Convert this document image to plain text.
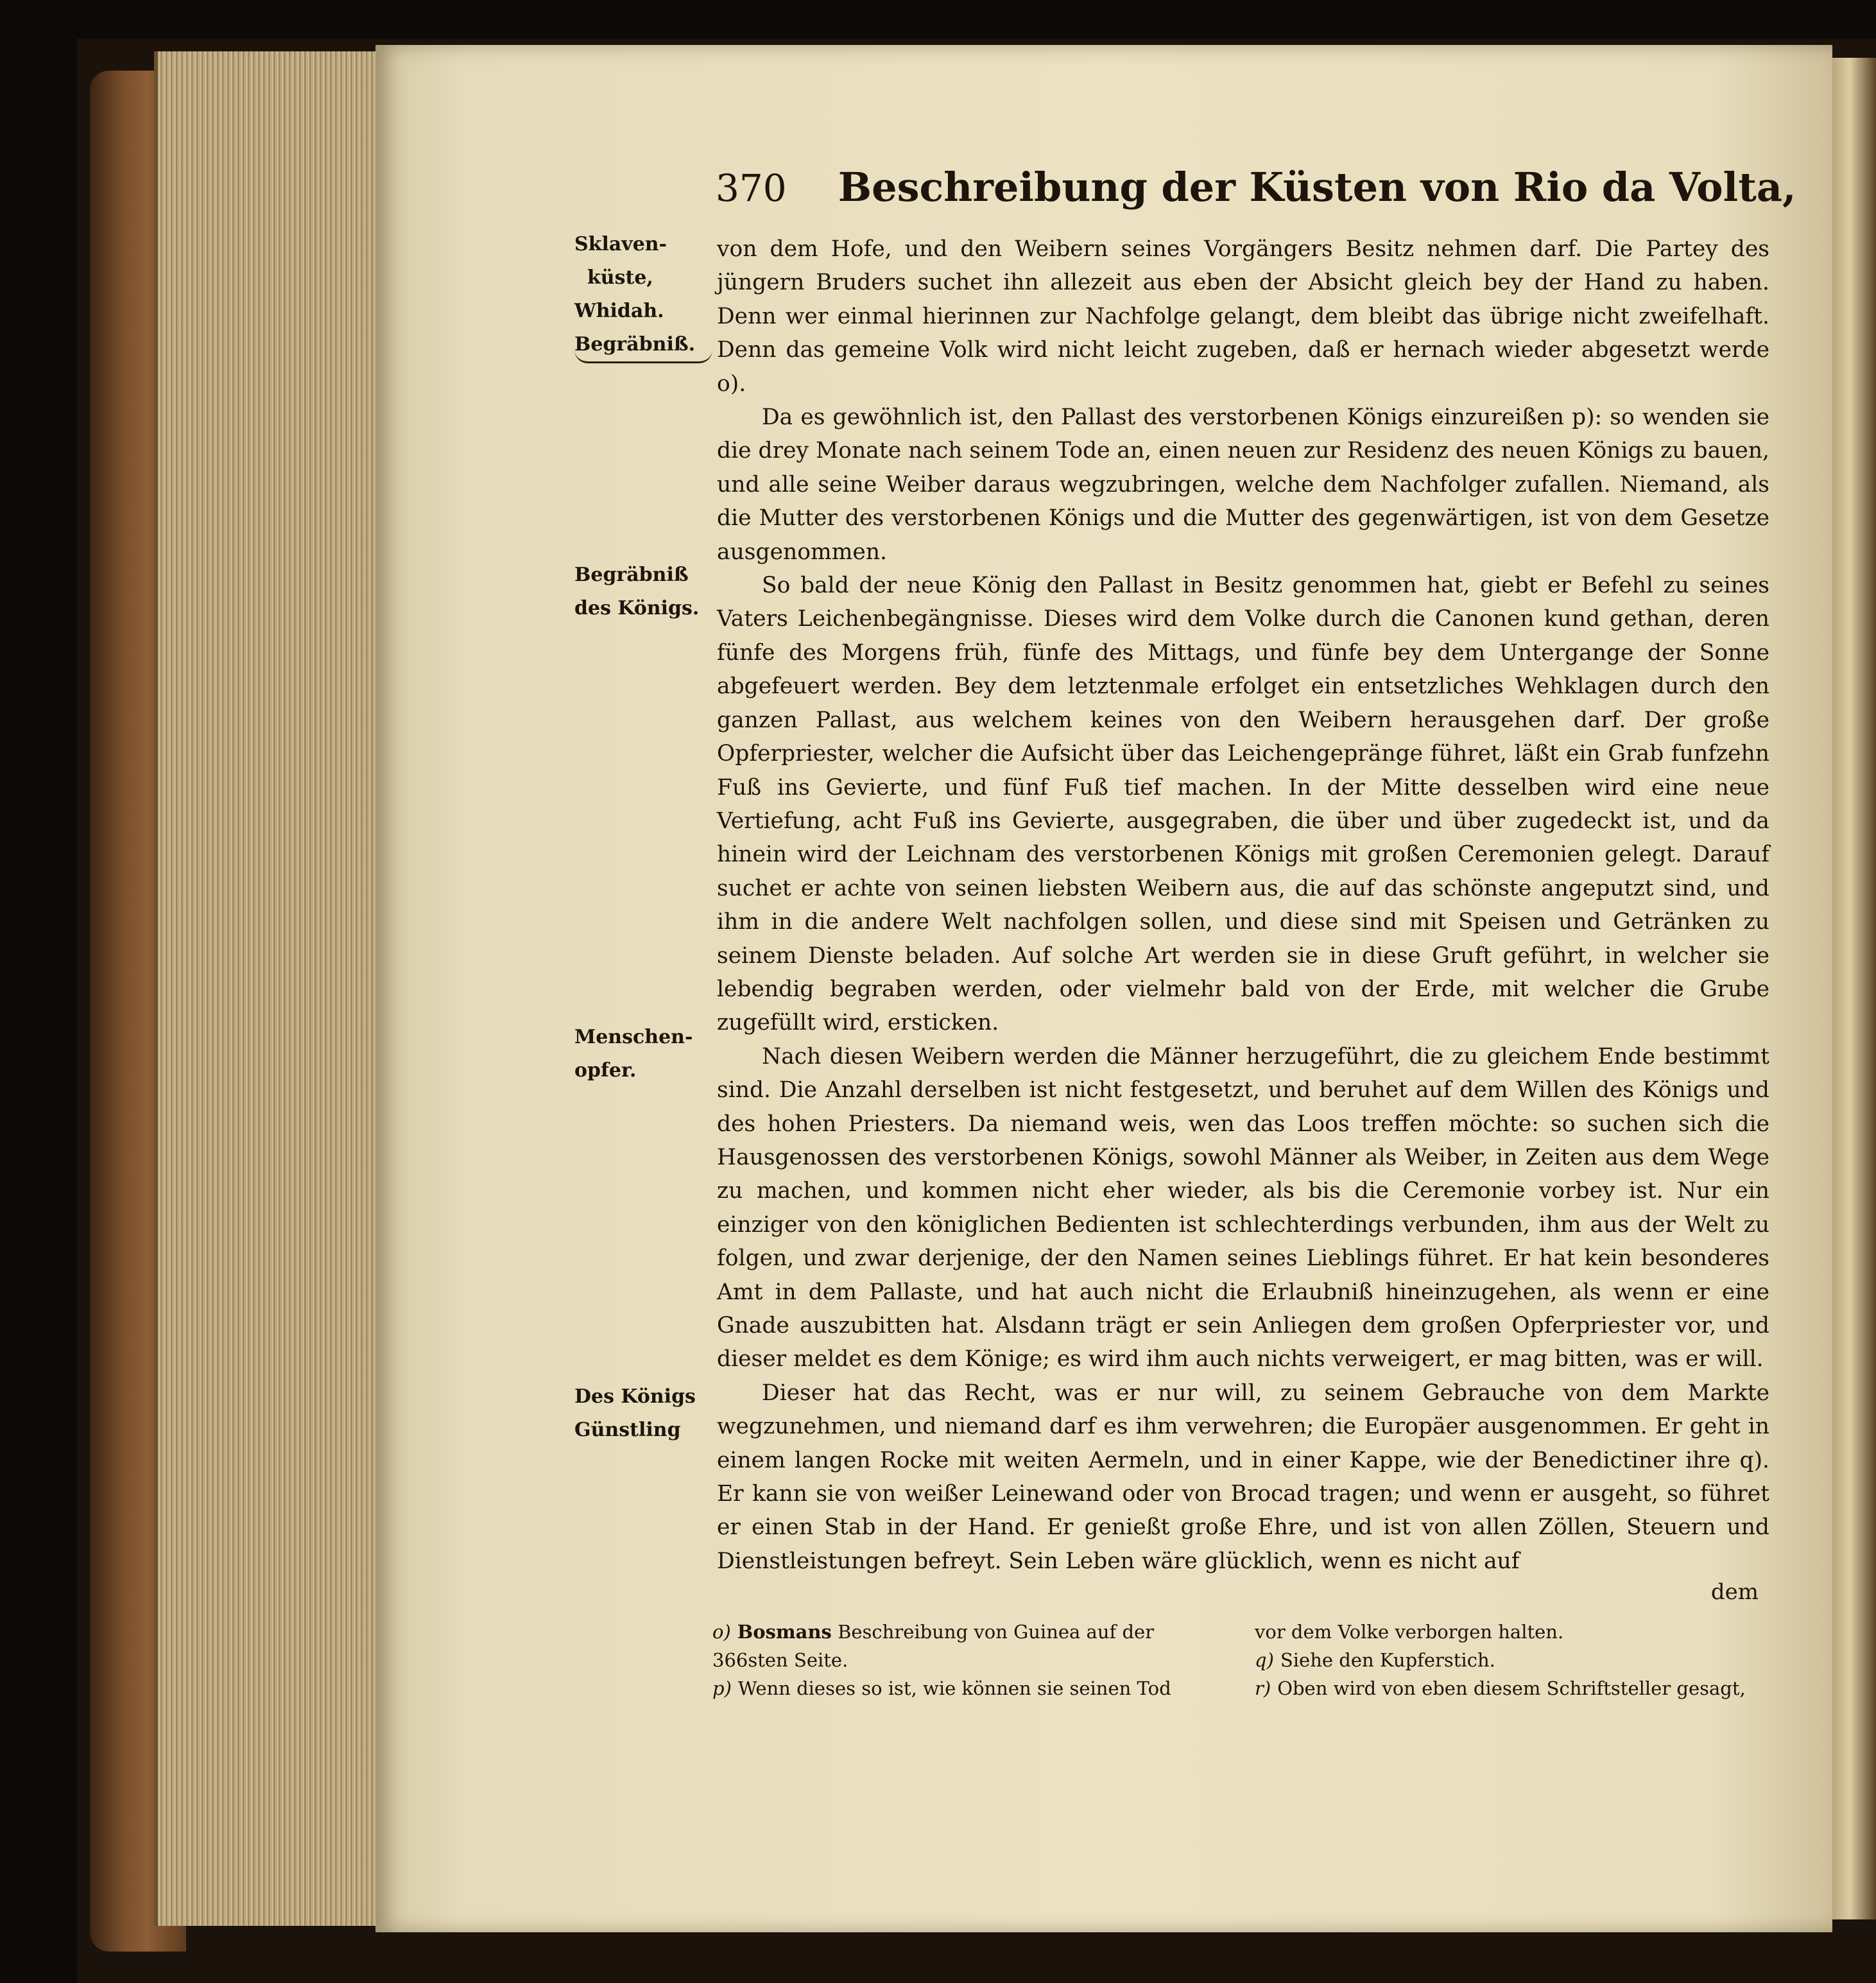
370 Beschreibung der Küsten von Rio da Volta,
Sklaven-
küste,
Whidah.
Begräbniß.
Begräbniß
des Königs.
Menschen-
opfer.
Des Königs
Günstling

von dem Hofe, und den Weibern seines Vorgängers Besitz nehmen darf. Die Partey des jüngern Bruders suchet ihn allezeit aus eben der Absicht gleich bey der Hand zu haben. Denn wer einmal hierinnen zur Nachfolge gelangt, dem bleibt das übrige nicht zweifelhaft. Denn das gemeine Volk wird nicht leicht zugeben, daß er hernach wieder abgesetzt werde o).

Da es gewöhnlich ist, den Pallast des verstorbenen Königs einzureißen p): so wenden sie die drey Monate nach seinem Tode an, einen neuen zur Residenz des neuen Königs zu bauen, und alle seine Weiber daraus wegzubringen, welche dem Nachfolger zufallen. Niemand, als die Mutter des verstorbenen Königs und die Mutter des gegenwärtigen, ist von dem Gesetze ausgenommen.

So bald der neue König den Pallast in Besitz genommen hat, giebt er Befehl zu seines Vaters Leichenbegängnisse. Dieses wird dem Volke durch die Canonen kund gethan, deren fünfe des Morgens früh, fünfe des Mittags, und fünfe bey dem Untergange der Sonne abgefeuert werden. Bey dem letztenmale erfolget ein entsetzliches Wehklagen durch den ganzen Pallast, aus welchem keines von den Weibern herausgehen darf. Der große Opferpriester, welcher die Aufsicht über das Leichengepränge führet, läßt ein Grab funfzehn Fuß ins Gevierte, und fünf Fuß tief machen. In der Mitte desselben wird eine neue Vertiefung, acht Fuß ins Gevierte, ausgegraben, die über und über zugedeckt ist, und da hinein wird der Leichnam des verstorbenen Königs mit großen Ceremonien gelegt. Darauf suchet er achte von seinen liebsten Weibern aus, die auf das schönste angeputzt sind, und ihm in die andere Welt nachfolgen sollen, und diese sind mit Speisen und Getränken zu seinem Dienste beladen. Auf solche Art werden sie in diese Gruft geführt, in welcher sie lebendig begraben werden, oder vielmehr bald von der Erde, mit welcher die Grube zugefüllt wird, ersticken.

Nach diesen Weibern werden die Männer herzugeführt, die zu gleichem Ende bestimmt sind. Die Anzahl derselben ist nicht festgesetzt, und beruhet auf dem Willen des Königs und des hohen Priesters. Da niemand weis, wen das Loos treffen möchte: so suchen sich die Hausgenossen des verstorbenen Königs, sowohl Männer als Weiber, in Zeiten aus dem Wege zu machen, und kommen nicht eher wieder, als bis die Ceremonie vorbey ist. Nur ein einziger von den königlichen Bedienten ist schlechterdings verbunden, ihm aus der Welt zu folgen, und zwar derjenige, der den Namen seines Lieblings führet. Er hat kein besonderes Amt in dem Pallaste, und hat auch nicht die Erlaubniß hineinzugehen, als wenn er eine Gnade auszubitten hat. Alsdann trägt er sein Anliegen dem großen Opferpriester vor, und dieser meldet es dem Könige; es wird ihm auch nichts verweigert, er mag bitten, was er will.

Dieser hat das Recht, was er nur will, zu seinem Gebrauche von dem Markte wegzunehmen, und niemand darf es ihm verwehren; die Europäer ausgenommen. Er geht in einem langen Rocke mit weiten Aermeln, und in einer Kappe, wie der Benedictiner ihre q). Er kann sie von weißer Leinewand oder von Brocad tragen; und wenn er ausgeht, so führet er einen Stab in der Hand. Er genießt große Ehre, und ist von allen Zöllen, Steuern und Dienstleistungen befreyt. Sein Leben wäre glücklich, wenn es nicht auf

dem

o) Bosmans Beschreibung von Guinea auf der 366sten Seite.

p) Wenn dieses so ist, wie können sie seinen Tod

vor dem Volke verborgen halten.

q) Siehe den Kupferstich.

r) Oben wird von eben diesem Schriftsteller gesagt,
